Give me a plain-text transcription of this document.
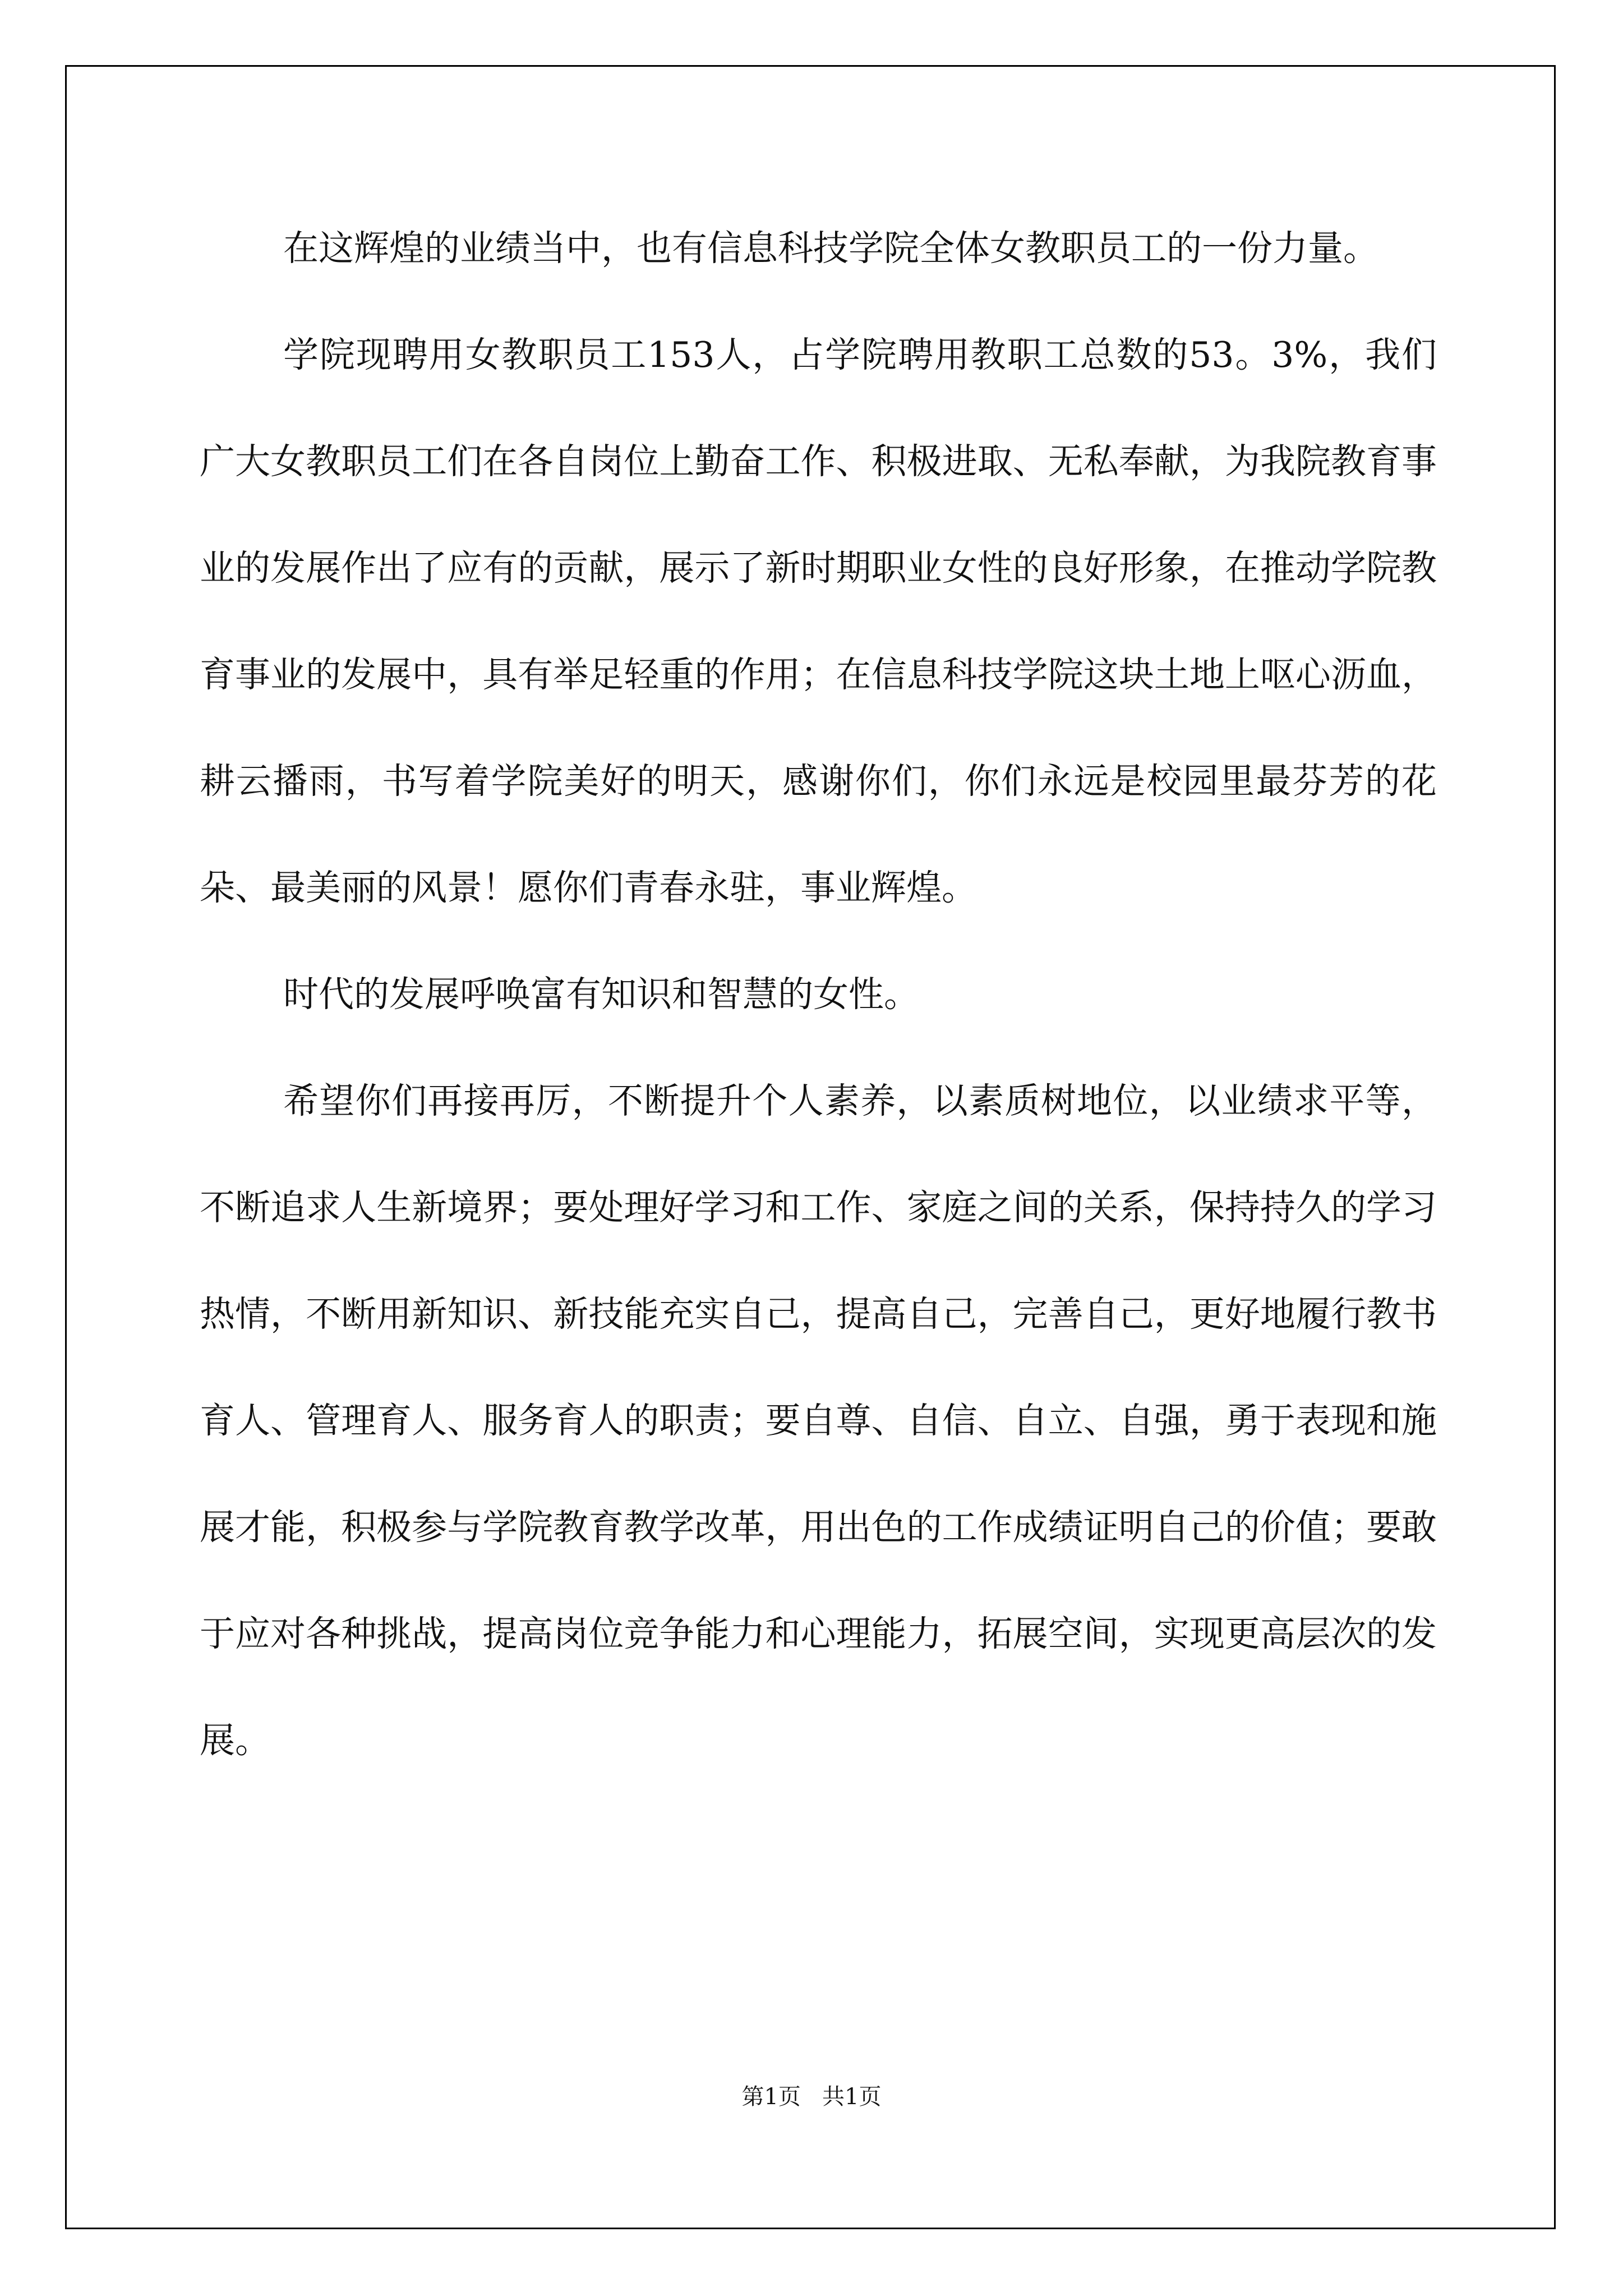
在这辉煌的业绩当中，也有信息科技学院全体女教职员工的一份力量。

学院现聘用女教职员工153人，占学院聘用教职工总数的53。3%，我们广大女教职员工们在各自岗位上勤奋工作、积极进取、无私奉献，为我院教育事业的发展作出了应有的贡献，展示了新时期职业女性的良好形象，在推动学院教育事业的发展中，具有举足轻重的作用；在信息科技学院这块土地上呕心沥血，耕云播雨，书写着学院美好的明天，感谢你们，你们永远是校园里最芬芳的花朵、最美丽的风景！愿你们青春永驻，事业辉煌。

时代的发展呼唤富有知识和智慧的女性。

希望你们再接再厉，不断提升个人素养，以素质树地位，以业绩求平等，不断追求人生新境界；要处理好学习和工作、家庭之间的关系，保持持久的学习热情，不断用新知识、新技能充实自己，提高自己，完善自己，更好地履行教书育人、管理育人、服务育人的职责；要自尊、自信、自立、自强，勇于表现和施展才能，积极参与学院教育教学改革，用出色的工作成绩证明自己的价值；要敢于应对各种挑战，提高岗位竞争能力和心理能力，拓展空间，实现更高层次的发展。

第1页   共1页
